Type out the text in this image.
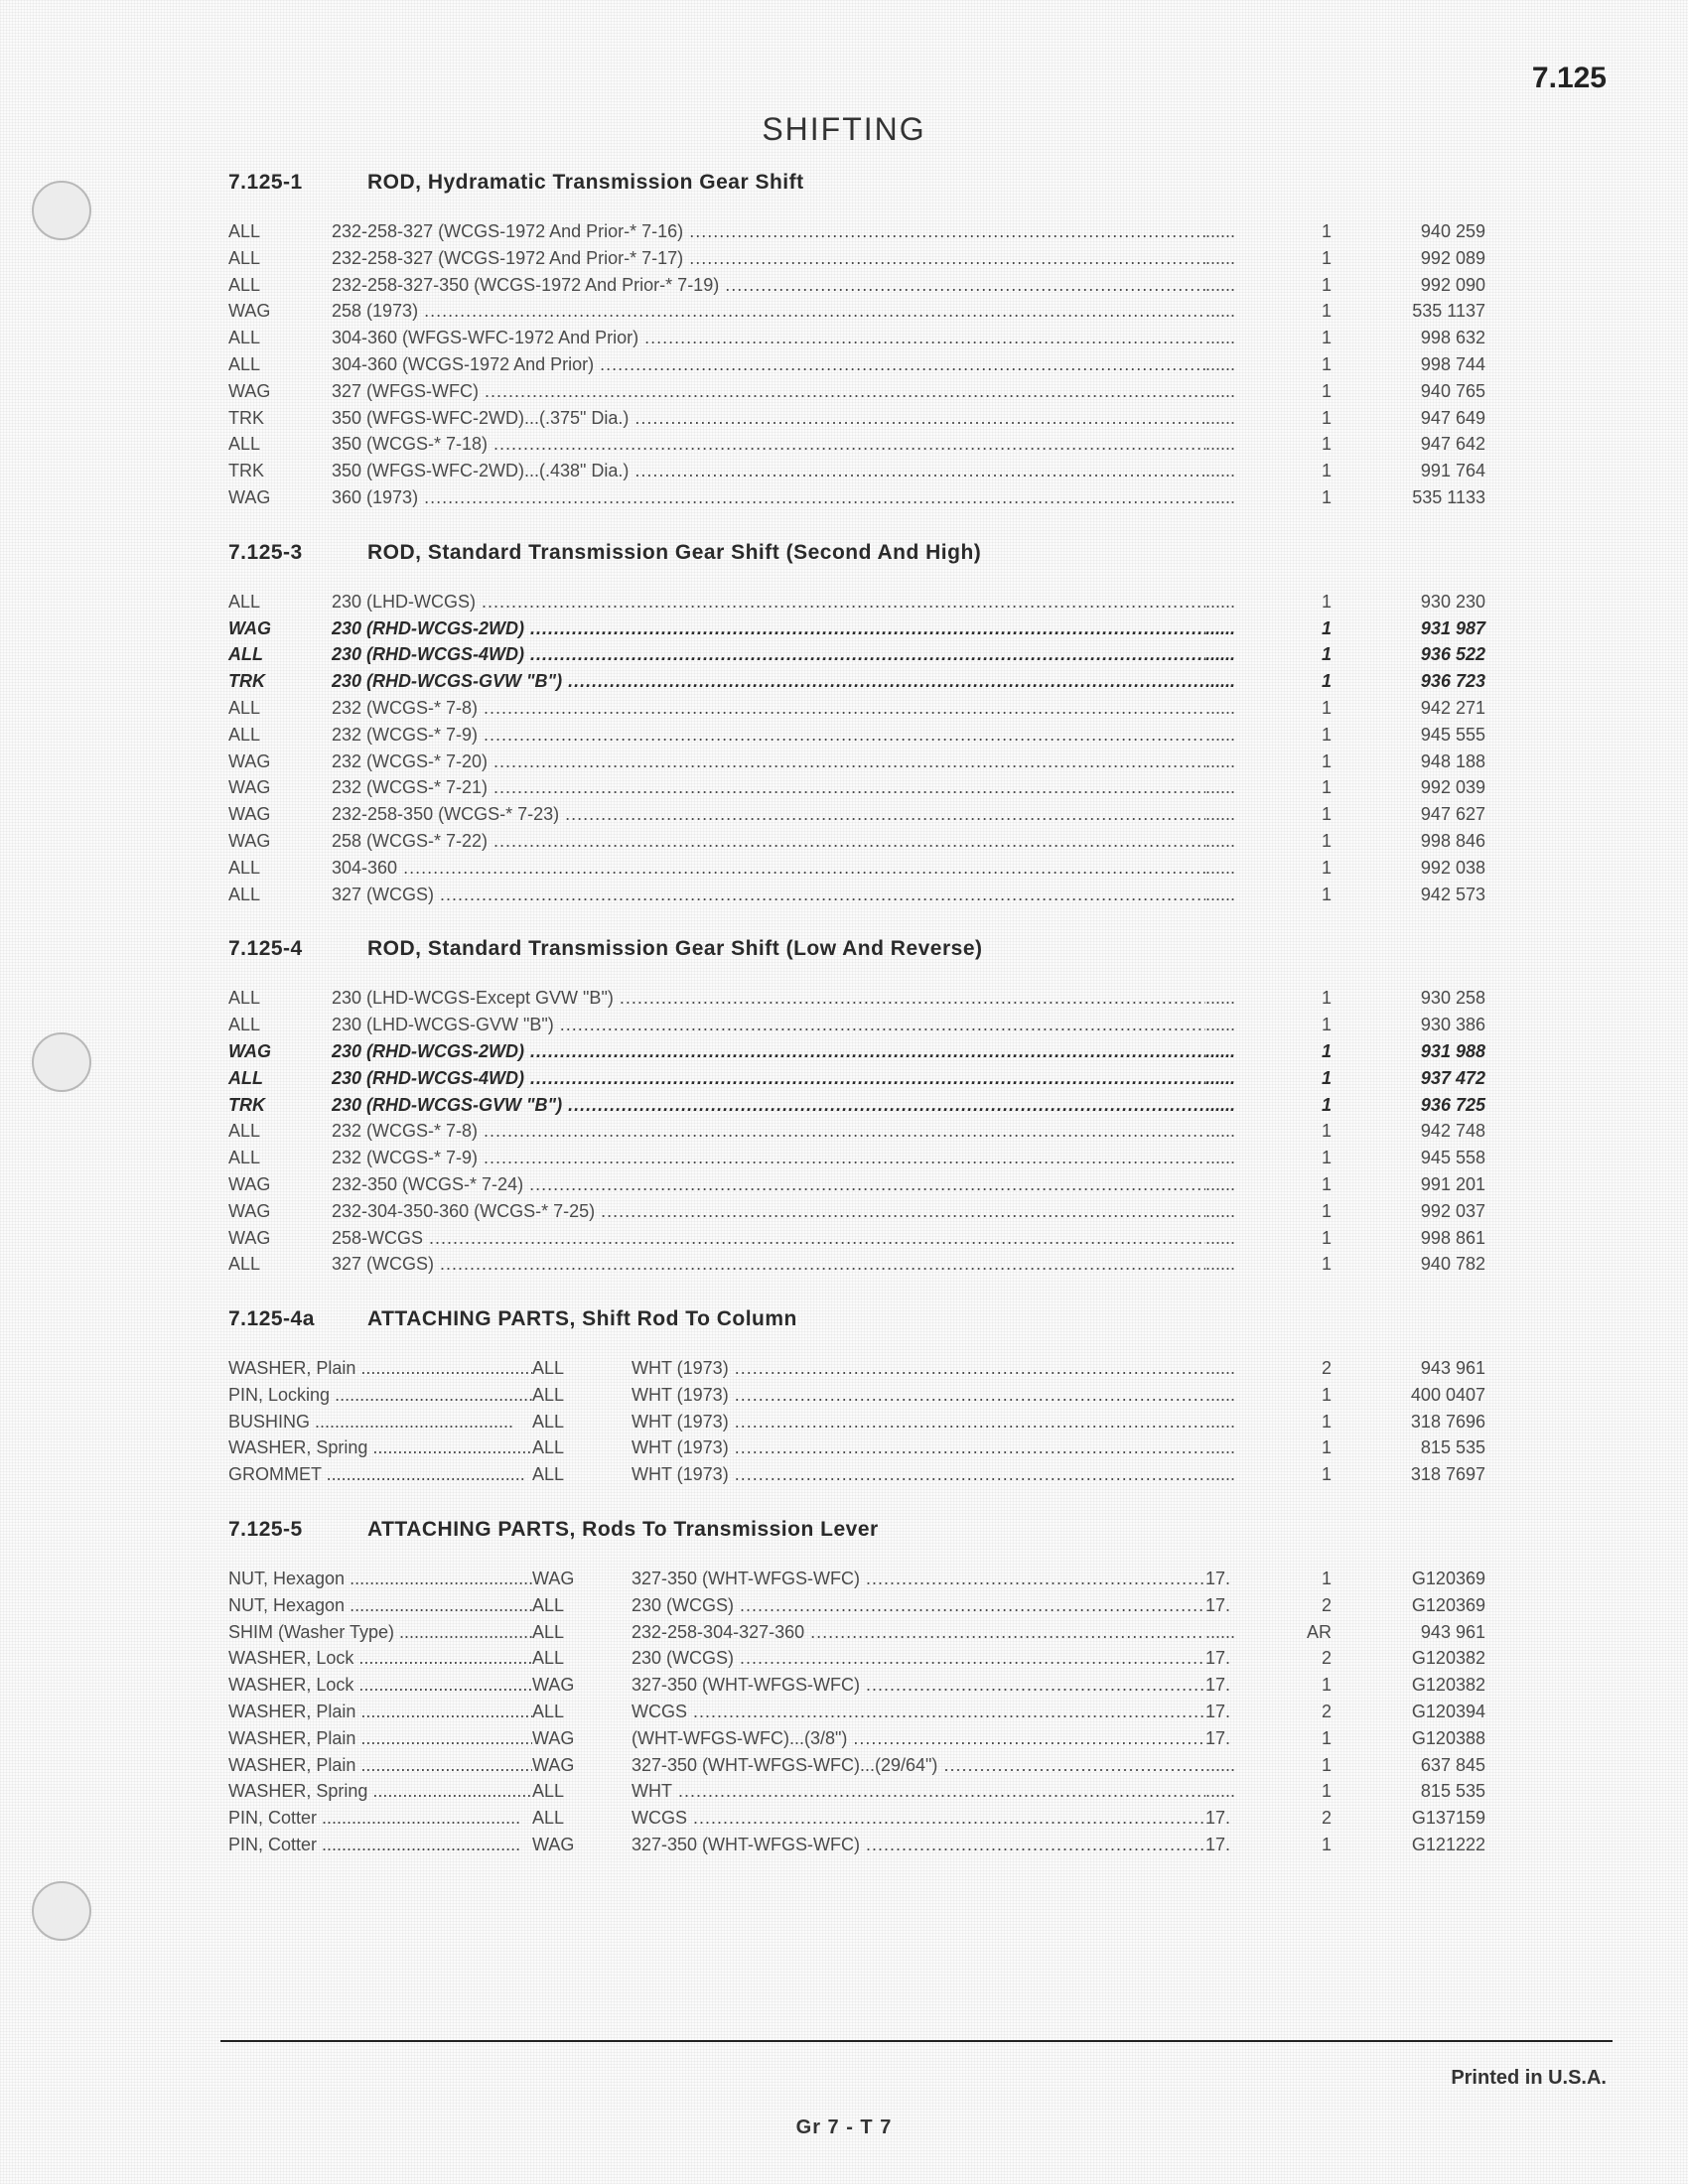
7.125
SHIFTING
7.125-1	ROD, Hydramatic Transmission Gear Shift
ALL	232-258-327 (WCGS-1972 And Prior-* 7-16) ..... ......	1	940 259
ALL	232-258-327 (WCGS-1972 And Prior-* 7-17) ..... ......	1	992 089
ALL	232-258-327-350 (WCGS-1972 And Prior-* 7-19) ..... ......	1	992 090
WAG	258 (1973) ..... ......	1	535 1137
ALL	304-360 (WFGS-WFC-1972 And Prior) ..... ......	1	998 632
ALL	304-360 (WCGS-1972 And Prior) ..... ......	1	998 744
WAG	327 (WFGS-WFC) ..... ......	1	940 765
TRK	350 (WFGS-WFC-2WD)...(.375" Dia.) ..... ......	1	947 649
ALL	350 (WCGS-* 7-18) ..... ......	1	947 642
TRK	350 (WFGS-WFC-2WD)...(.438" Dia.) ..... ......	1	991 764
WAG	360 (1973) ..... ......	1	535 1133
7.125-3	ROD, Standard Transmission Gear Shift (Second And High)
ALL	230 (LHD-WCGS) ..... ......	1	930 230
WAG	230 (RHD-WCGS-2WD) ..... ......	1	931 987
ALL	230 (RHD-WCGS-4WD) ..... ......	1	936 522
TRK	230 (RHD-WCGS-GVW "B") ..... ......	1	936 723
ALL	232 (WCGS-* 7-8) ..... ......	1	942 271
ALL	232 (WCGS-* 7-9) ..... ......	1	945 555
WAG	232 (WCGS-* 7-20) ..... ......	1	948 188
WAG	232 (WCGS-* 7-21) ..... ......	1	992 039
WAG	232-258-350 (WCGS-* 7-23) ..... ......	1	947 627
WAG	258 (WCGS-* 7-22) ..... ......	1	998 846
ALL	304-360 ..... ......	1	992 038
ALL	327 (WCGS) ..... ......	1	942 573
7.125-4	ROD, Standard Transmission Gear Shift (Low And Reverse)
ALL	230 (LHD-WCGS-Except GVW "B") ..... ......	1	930 258
ALL	230 (LHD-WCGS-GVW "B") ..... ......	1	930 386
WAG	230 (RHD-WCGS-2WD) ..... ......	1	931 988
ALL	230 (RHD-WCGS-4WD) ..... ......	1	937 472
TRK	230 (RHD-WCGS-GVW "B") ..... ......	1	936 725
ALL	232 (WCGS-* 7-8) ..... ......	1	942 748
ALL	232 (WCGS-* 7-9) ..... ......	1	945 558
WAG	232-350 (WCGS-* 7-24) ..... ......	1	991 201
WAG	232-304-350-360 (WCGS-* 7-25) ..... ......	1	992 037
WAG	258-WCGS ..... ......	1	998 861
ALL	327 (WCGS) ..... ......	1	940 782
7.125-4a	ATTACHING PARTS, Shift Rod To Column
WASHER, Plain .....	ALL	WHT (1973) ..... ......	2	943 961
PIN, Locking .....	ALL	WHT (1973) ..... ......	1	400 0407
BUSHING .....	ALL	WHT (1973) ..... ......	1	318 7696
WASHER, Spring .....	ALL	WHT (1973) ..... ......	1	815 535
GROMMET .....	ALL	WHT (1973) ..... ......	1	318 7697
7.125-5	ATTACHING PARTS, Rods To Transmission Lever
NUT, Hexagon .....	WAG	327-350 (WHT-WFGS-WFC) .....	17.	1	G120369
NUT, Hexagon .....	ALL	230 (WCGS) .....	17.	2	G120369
SHIM (Washer Type) .....	ALL	232-258-304-327-360 ..... ......	AR	943 961
WASHER, Lock .....	ALL	230 (WCGS) .....	17.	2	G120382
WASHER, Lock .....	WAG	327-350 (WHT-WFGS-WFC) .....	17.	1	G120382
WASHER, Plain .....	ALL	WCGS .....	17.	2	G120394
WASHER, Plain .....	WAG	(WHT-WFGS-WFC)...(3/8") .....	17.	1	G120388
WASHER, Plain .....	WAG	327-350 (WHT-WFGS-WFC)...(29/64") ..... ......	1	637 845
WASHER, Spring .....	ALL	WHT ..... ......	1	815 535
PIN, Cotter .....	ALL	WCGS .....	17.	2	G137159
PIN, Cotter .....	WAG	327-350 (WHT-WFGS-WFC) .....	17.	1	G121222
Printed in U.S.A.
Gr 7 - T 7
